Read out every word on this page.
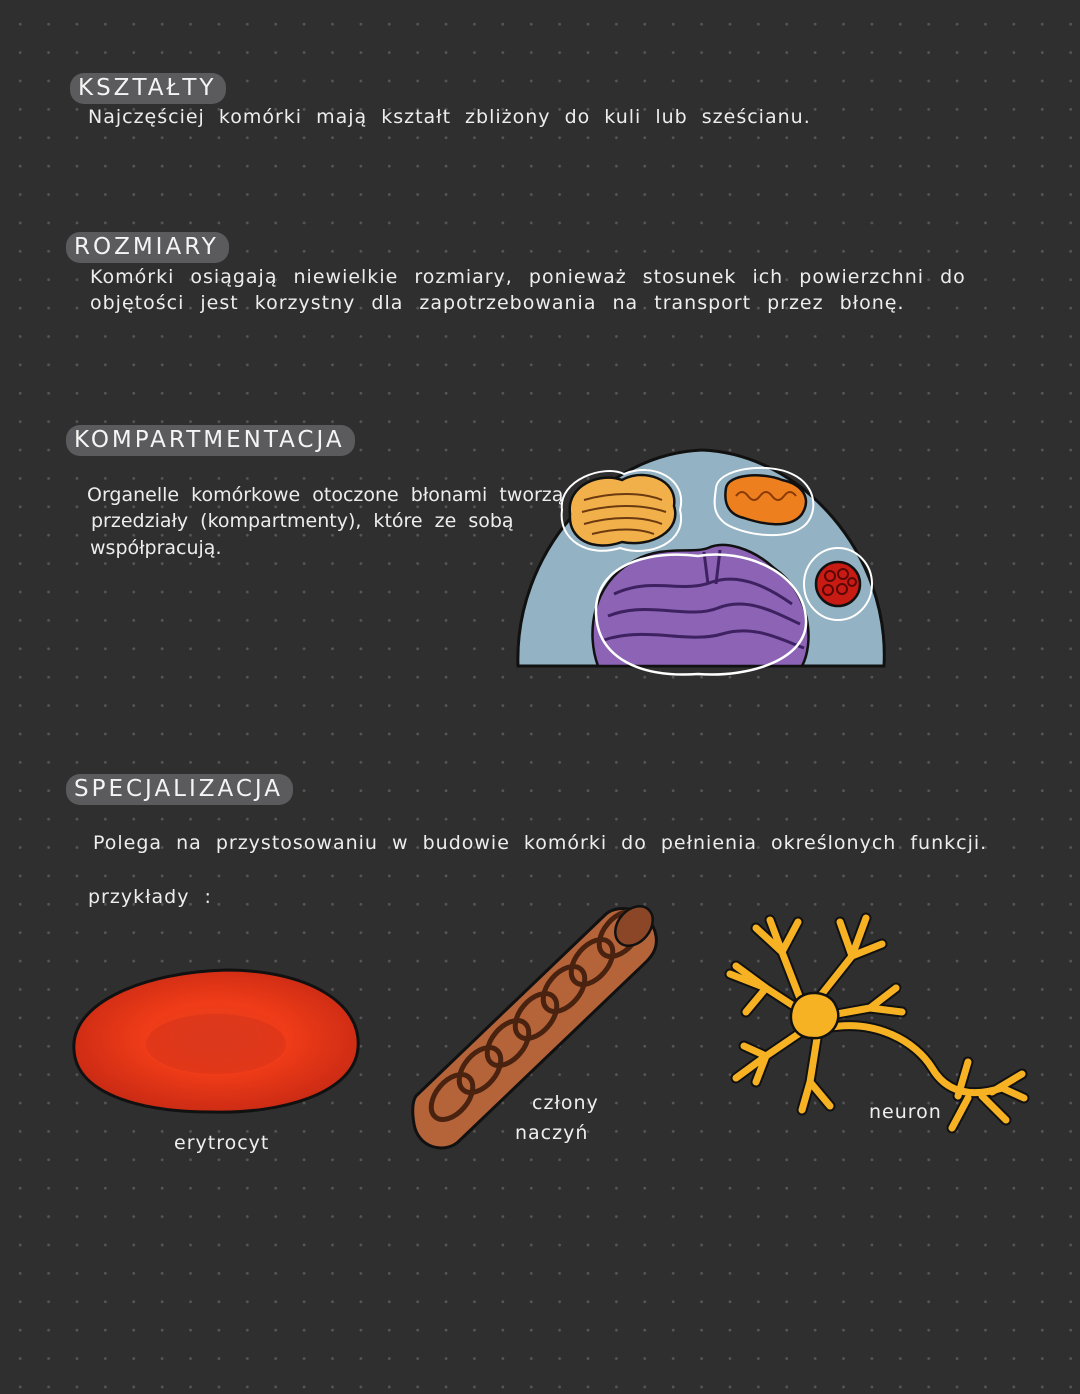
KSZTAŁTY
Najczęściej komórki mają kształt zbliżony do kuli lub sześcianu.
ROZMIARY
Komórki osiągają niewielkie rozmiary, ponieważ stosunek ich powierzchni do
objętości jest korzystny dla zapotrzebowania na transport przez błonę.
KOMPARTMENTACJA
Organelle komórkowe otoczone błonami tworzą
przedziały (kompartmenty), które ze sobą
współpracują.
SPECJALIZACJA
Polega na przystosowaniu w budowie komórki do pełnienia określonych funkcji.
przykłady :
erytrocyt
człony
naczyń
neuron
